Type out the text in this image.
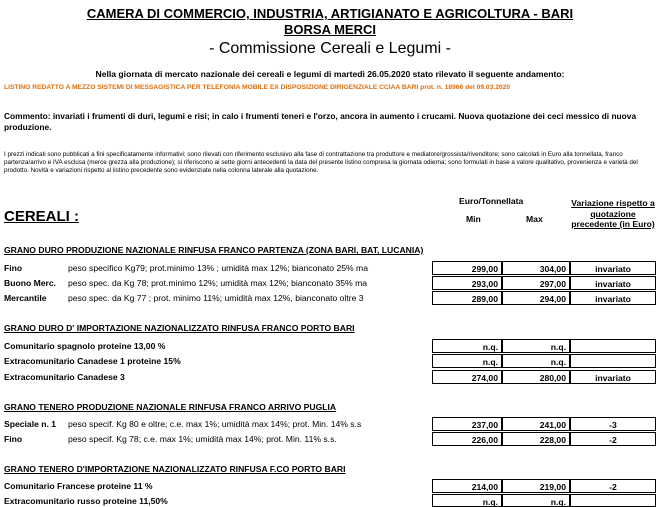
CAMERA DI COMMERCIO, INDUSTRIA, ARTIGIANATO E AGRICOLTURA - BARI
BORSA MERCI
- Commissione Cereali e Legumi -
Nella giornata di mercato nazionale dei cereali e legumi di martedì 26.05.2020 stato rilevato il seguente andamento:
LISTINO REDATTO A MEZZO SISTEMI DI MESSAGISTICA PER TELEFONIA MOBILE EX DISPOSIZIONE DIRIGENZIALE CCIAA BARI prot. n. 18966 del 09.03.2020
Commento: invariati i frumenti di duri, legumi e risi; in calo i frumenti teneri e l'orzo, ancora in aumento i crucami. Nuova quotazione dei ceci messico di nuova produzione.
I prezzi indicati sono pubblicati a fini specificatamente informativi; sono rilevati con riferimento esclusivo alla fase di contrattazione tra produttore e mediatore/grossista/rivenditore; sono calcolati in Euro alla tonnellata, franco partenza/arrivo e IVA esclusa (merce grezza alla produzione); si riferiscono ai sette giorni antecedenti la data del presente listino compresa la giornata odierna; sono formulati in base a valore qualitativo, provenienza e varietà del prodotto. Novità e variazioni rispetto al listino precedente sono evidenziate nella colonna laterale alla quotazione.
Euro/Tonnellata
Min	Max
Variazione rispetto a quotazione precedente (in Euro)
CEREALI :
GRANO DURO PRODUZIONE NAZIONALE RINFUSA FRANCO PARTENZA (ZONA BARI, BAT, LUCANIA)
Fino	peso specifico Kg79; prot.minimo 13% ; umidità max 12%; bianconato 25% ma	299,00	304,00	invariato
Buono Merc. peso spec. da Kg 78; prot.minimo 12%; umidità max 12%; bianconato 35% ma	293,00	297,00	invariato
Mercantile peso spec. da Kg 77 ; prot. minimo 11%; umidità max 12%, bianconato oltre 3	289,00	294,00	invariato
GRANO DURO D' IMPORTAZIONE NAZIONALIZZATO RINFUSA FRANCO PORTO BARI
Comunitario spagnolo proteine 13,00 %	n.q.	n.q.
Extracomunitario Canadese 1 proteine 15%	n.q.	n.q.
Extracomunitario Canadese 3	274,00	280,00	invariato
GRANO TENERO PRODUZIONE NAZIONALE RINFUSA FRANCO ARRIVO PUGLIA
Speciale n. 1 peso specif. Kg 80 e oltre; c.e. max 1%; umidità max 14%; prot. Min. 14% s.s	237,00	241,00	-3
Fino	peso specif. Kg 78; c.e. max 1%; umidità max 14%; prot. Min. 11% s.s.	226,00	228,00	-2
GRANO TENERO D'IMPORTAZIONE NAZIONALIZZATO RINFUSA F.CO PORTO BARI
Comunitario Francese proteine 11 %	214,00	219,00	-2
Extracomunitario russo proteine 11,50%	n.q.	n.q.
